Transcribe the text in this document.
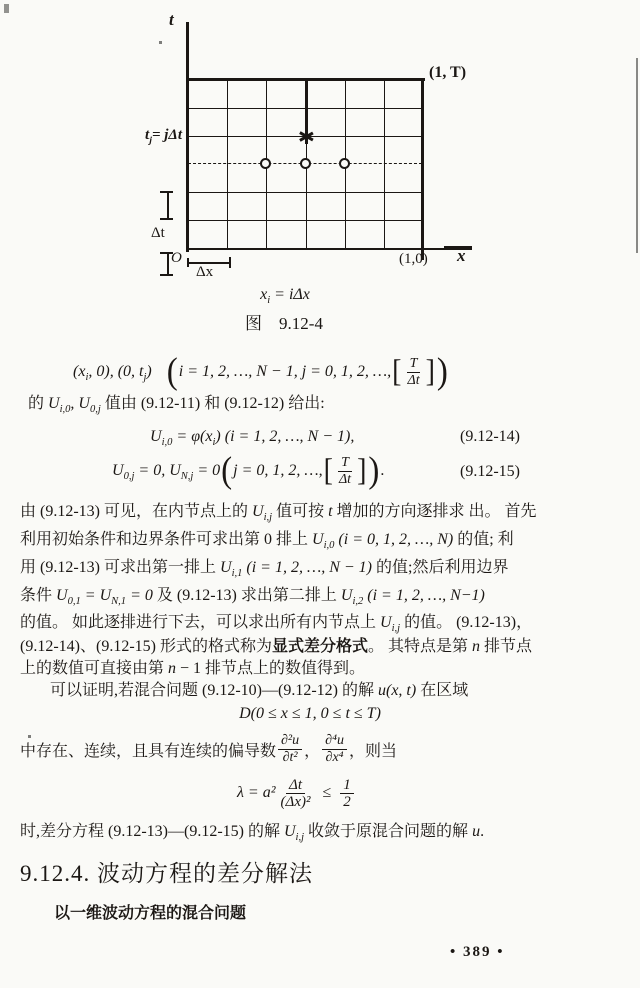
t
x
(1, T)
(1,0)
$t_j= j\Delta t$
Δt
O
Δx
$x_i = i\Delta x$
图　9.12-4
($x_i$, 0), (0, $t_j$) ( i = 1, 2, …, N − 1, j = 0, 1, 2, …, [ $\frac{T}{\Delta t}$ ] )
的 $U_{i,0}$, $U_{0,j}$ 值由 (9.12-11) 和 (9.12-12) 给出:
$U_{i,0} = \varphi(x_i) (i = 1$, 2, …, N − 1),	(9.12-14)
$U_{0,j} = 0$, $U_{N,j} = 0$ ( j = 0, 1, 2, …, [ $\frac{T}{\Delta t}$ ] ) .	(9.12-15)
由 (9.12-13) 可见，在内节点上的 $U_{i,j}$ 值可按 t 增加的方向逐排求 出。 首先
利用初始条件和边界条件可求出第 0 排上 $U_{i,0}$ (i = 0, 1, 2, …, N) 的值; 利
用 (9.12-13) 可求出第一排上 $U_{i,1}$ (i = 1, 2, …, N − 1) 的值;然后利用边界
条件 $U_{0,1} = U_{N,1} = 0$ 及 (9.12-13) 求出第二排上 $U_{i,2}$ (i = 1, 2, …, N−1)
的值。 如此逐排进行下去，可以求出所有内节点上 $U_{i,j}$ 的值。 (9.12-13)，
(9.12-14)、(9.12-15) 形式的格式称为显式差分格式。 其特点是第 n 排节点
上的数值可直接由第 n − 1 排节点上的数值得到。
可以证明,若混合问题 (9.12-10)—(9.12-12) 的解 u(x, t) 在区域
D(0 ≤ x ≤ 1, 0 ≤ t ≤ T)
中存在、连续，且具有连续的偏导数 $\frac{\text{∂²u}}{\text{∂t²}}$ ， $\frac{\text{∂⁴u}}{\text{∂x⁴}}$ ，则当
$\lambda = a^2 \frac{\Delta t}{\text{(Δx)²}} \le \frac{1}{2}$
时,差分方程 (9.12-13)—(9.12-15) 的解 $U_{i,j}$ 收敛于原混合问题的解 u.
9.12.4. 波动方程的差分解法
以一维波动方程的混合问题
• 389 •
